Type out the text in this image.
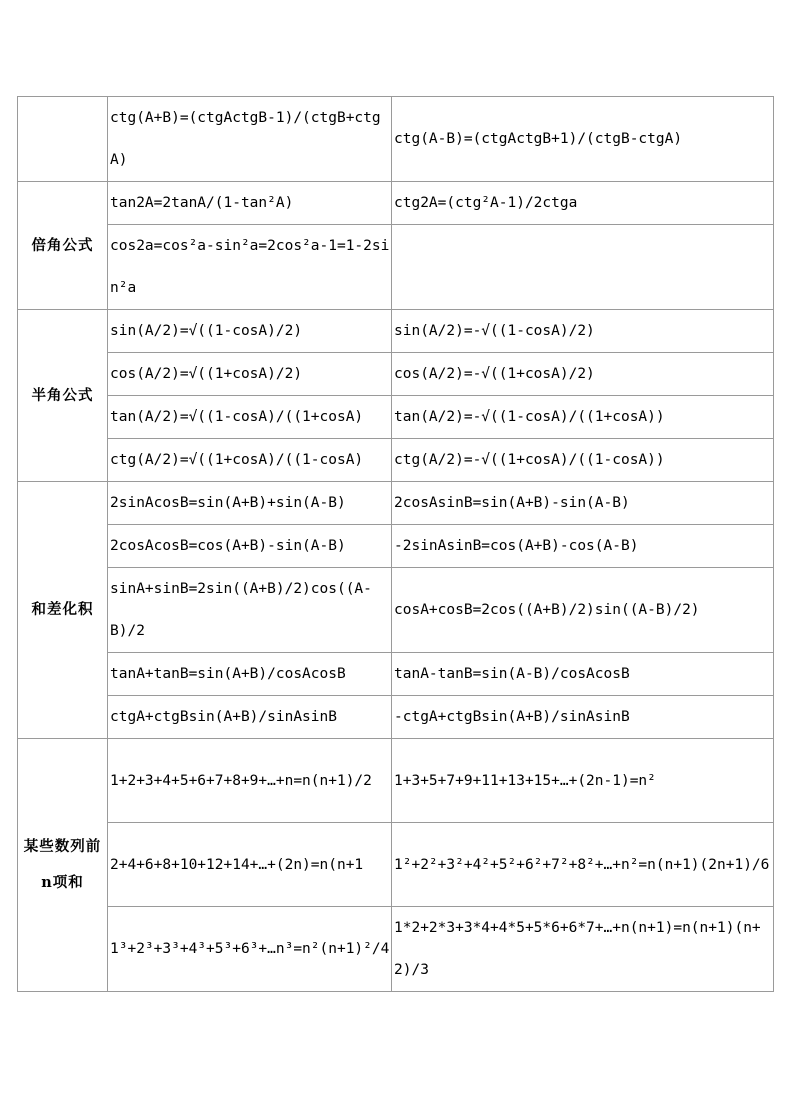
	ctg(A+B)=(ctgActgB-1)/(ctgB+ctgA)	ctg(A-B)=(ctgActgB+1)/(ctgB-ctgA)
倍角公式	tan2A=2tanA/(1-tan²A)	ctg2A=(ctg²A-1)/2ctga
	cos2a=cos²a-sin²a=2cos²a-1=1-2sin²a	
半角公式	sin(A/2)=√((1-cosA)/2)	sin(A/2)=-√((1-cosA)/2)
	cos(A/2)=√((1+cosA)/2)	cos(A/2)=-√((1+cosA)/2)
	tan(A/2)=√((1-cosA)/((1+cosA)	tan(A/2)=-√((1-cosA)/((1+cosA))
	ctg(A/2)=√((1+cosA)/((1-cosA)	ctg(A/2)=-√((1+cosA)/((1-cosA))
和差化积	2sinAcosB=sin(A+B)+sin(A-B)	2cosAsinB=sin(A+B)-sin(A-B)
	2cosAcosB=cos(A+B)-sin(A-B)	-2sinAsinB=cos(A+B)-cos(A-B)
	sinA+sinB=2sin((A+B)/2)cos((A-B)/2	cosA+cosB=2cos((A+B)/2)sin((A-B)/2)
	tanA+tanB=sin(A+B)/cosAcosB	tanA-tanB=sin(A-B)/cosAcosB
	ctgA+ctgBsin(A+B)/sinAsinB	-ctgA+ctgBsin(A+B)/sinAsinB
某些数列前n项和	1+2+3+4+5+6+7+8+9+…+n=n(n+1)/2	1+3+5+7+9+11+13+15+…+(2n-1)=n²
	2+4+6+8+10+12+14+…+(2n)=n(n+1	1²+2²+3²+4²+5²+6²+7²+8²+…+n²=n(n+1)(2n+1)/6
	1³+2³+3³+4³+5³+6³+…n³=n²(n+1)²/4	1*2+2*3+3*4+4*5+5*6+6*7+…+n(n+1)=n(n+1)(n+2)/3
